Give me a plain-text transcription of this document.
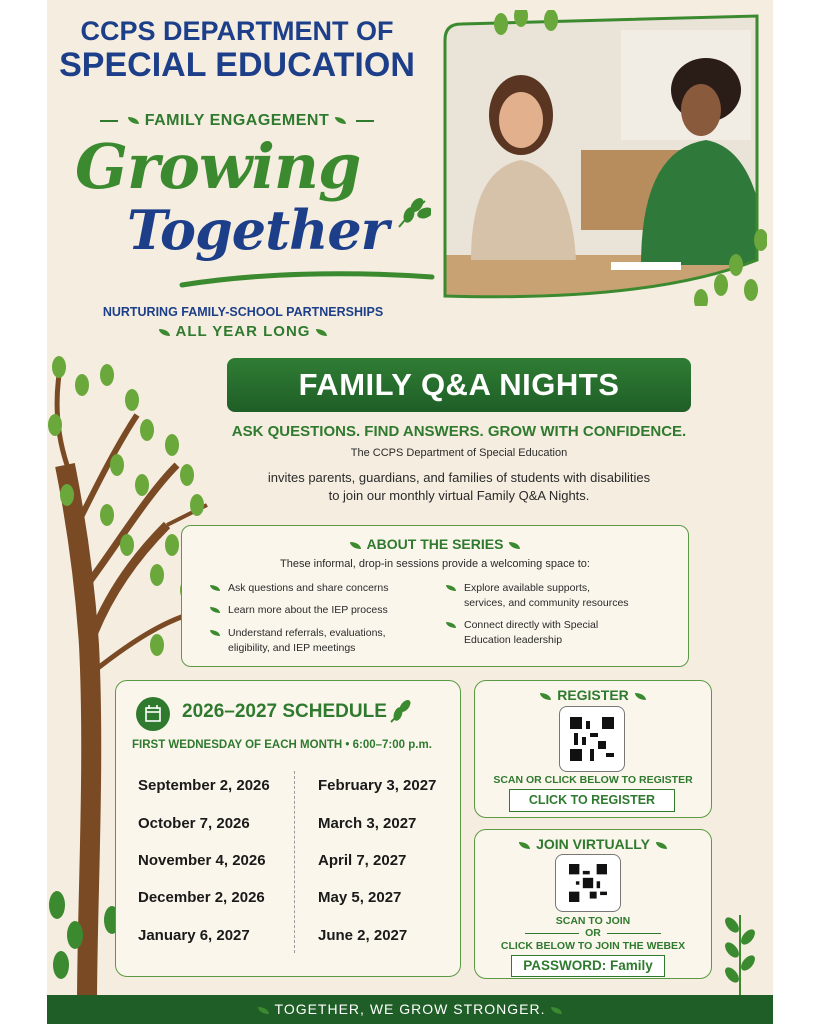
CCPS DEPARTMENT OF
SPECIAL EDUCATION
FAMILY ENGAGEMENT
Growing
Together
NURTURING FAMILY-SCHOOL PARTNERSHIPS
ALL YEAR LONG
FAMILY Q&A NIGHTS
ASK QUESTIONS. FIND ANSWERS. GROW WITH CONFIDENCE.
The CCPS Department of Special Education
invites parents, guardians, and families of students with disabilities
to join our monthly virtual Family Q&A Nights.
ABOUT THE SERIES
These informal, drop-in sessions provide a welcoming space to:
Ask questions and share concerns
Learn more about the IEP process
Understand referrals, evaluations,
eligibility, and IEP meetings
Explore available supports,
services, and community resources
Connect directly with Special
Education leadership
2026–2027 SCHEDULE
FIRST WEDNESDAY OF EACH MONTH • 6:00–7:00 p.m.
September 2, 2026
October 7, 2026
November 4, 2026
December 2, 2026
January 6, 2027
February 3, 2027
March 3, 2027
April 7, 2027
May 5, 2027
June 2, 2027
REGISTER
SCAN OR CLICK BELOW TO REGISTER
CLICK TO REGISTER
JOIN VIRTUALLY
SCAN TO JOIN
OR
CLICK BELOW TO JOIN THE WEBEX
PASSWORD: Family
TOGETHER, WE GROW STRONGER.
